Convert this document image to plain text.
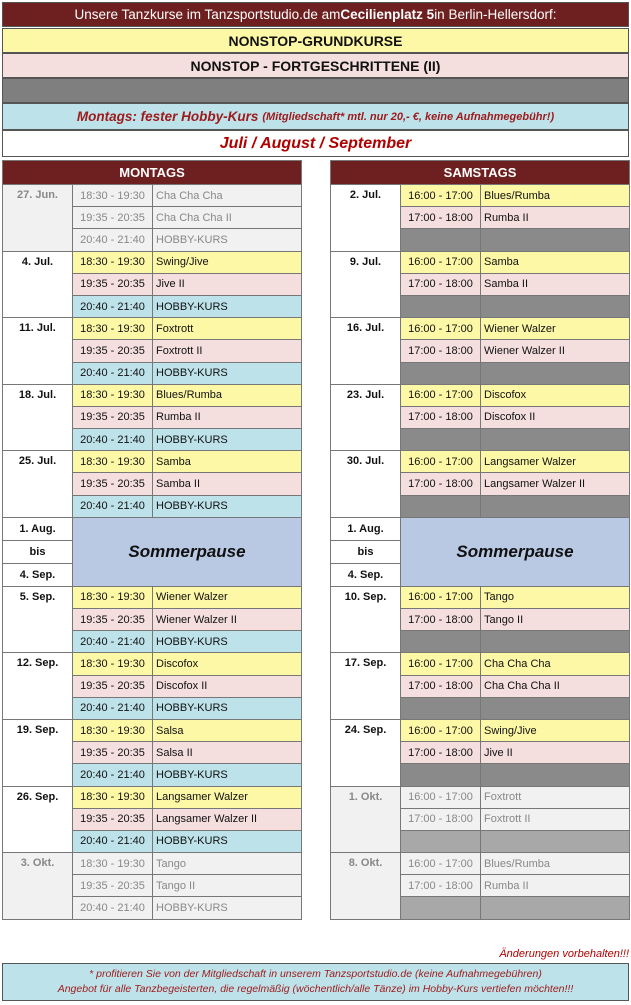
Unsere Tanzkurse im Tanzsportstudio.de am Cecilienplatz 5 in Berlin-Hellersdorf:
NONSTOP-GRUNDKURSE
NONSTOP - FORTGESCHRITTENE (II)
Montags: fester Hobby-Kurs (Mitgliedschaft* mtl. nur 20,- €, keine Aufnahmegebühr!)
Juli / August / September
MONTAGS		
27. Jun.	18:30 - 19:30	Cha Cha Cha
	19:35 - 20:35	Cha Cha Cha II
	20:40 - 21:40	HOBBY-KURS
4. Jul.	18:30 - 19:30	Swing/Jive
	19:35 - 20:35	Jive II
	20:40 - 21:40	HOBBY-KURS
11. Jul.	18:30 - 19:30	Foxtrott
	19:35 - 20:35	Foxtrott II
	20:40 - 21:40	HOBBY-KURS
18. Jul.	18:30 - 19:30	Blues/Rumba
	19:35 - 20:35	Rumba II
	20:40 - 21:40	HOBBY-KURS
25. Jul.	18:30 - 19:30	Samba
	19:35 - 20:35	Samba II
	20:40 - 21:40	HOBBY-KURS
1. Aug.	Sommerpause	
bis		
4. Sep.		
5. Sep.	18:30 - 19:30	Wiener Walzer
	19:35 - 20:35	Wiener Walzer II
	20:40 - 21:40	HOBBY-KURS
12. Sep.	18:30 - 19:30	Discofox
	19:35 - 20:35	Discofox II
	20:40 - 21:40	HOBBY-KURS
19. Sep.	18:30 - 19:30	Salsa
	19:35 - 20:35	Salsa II
	20:40 - 21:40	HOBBY-KURS
26. Sep.	18:30 - 19:30	Langsamer Walzer
	19:35 - 20:35	Langsamer Walzer II
	20:40 - 21:40	HOBBY-KURS
3. Okt.	18:30 - 19:30	Tango
	19:35 - 20:35	Tango II
	20:40 - 21:40	HOBBY-KURS
SAMSTAGS		
2. Jul.	16:00 - 17:00	Blues/Rumba
	17:00 - 18:00	Rumba II

9. Jul.	16:00 - 17:00	Samba
	17:00 - 18:00	Samba II

16. Jul.	16:00 - 17:00	Wiener Walzer
	17:00 - 18:00	Wiener Walzer II

23. Jul.	16:00 - 17:00	Discofox
	17:00 - 18:00	Discofox II

30. Jul.	16:00 - 17:00	Langsamer Walzer
	17:00 - 18:00	Langsamer Walzer II

1. Aug.	Sommerpause	
bis		
4. Sep.		
10. Sep.	16:00 - 17:00	Tango
	17:00 - 18:00	Tango II

17. Sep.	16:00 - 17:00	Cha Cha Cha
	17:00 - 18:00	Cha Cha Cha II

24. Sep.	16:00 - 17:00	Swing/Jive
	17:00 - 18:00	Jive II

1. Okt.	16:00 - 17:00	Foxtrott
	17:00 - 18:00	Foxtrott II

8. Okt.	16:00 - 17:00	Blues/Rumba
	17:00 - 18:00	Rumba II

Änderungen vorbehalten!!!
* profitieren Sie von der Mitgliedschaft in unserem Tanzsportstudio.de (keine Aufnahmegebühren)
Angebot für alle Tanzbegeisterten, die regelmäßig (wöchentlich/alle Tänze) im Hobby-Kurs vertiefen möchten!!!
